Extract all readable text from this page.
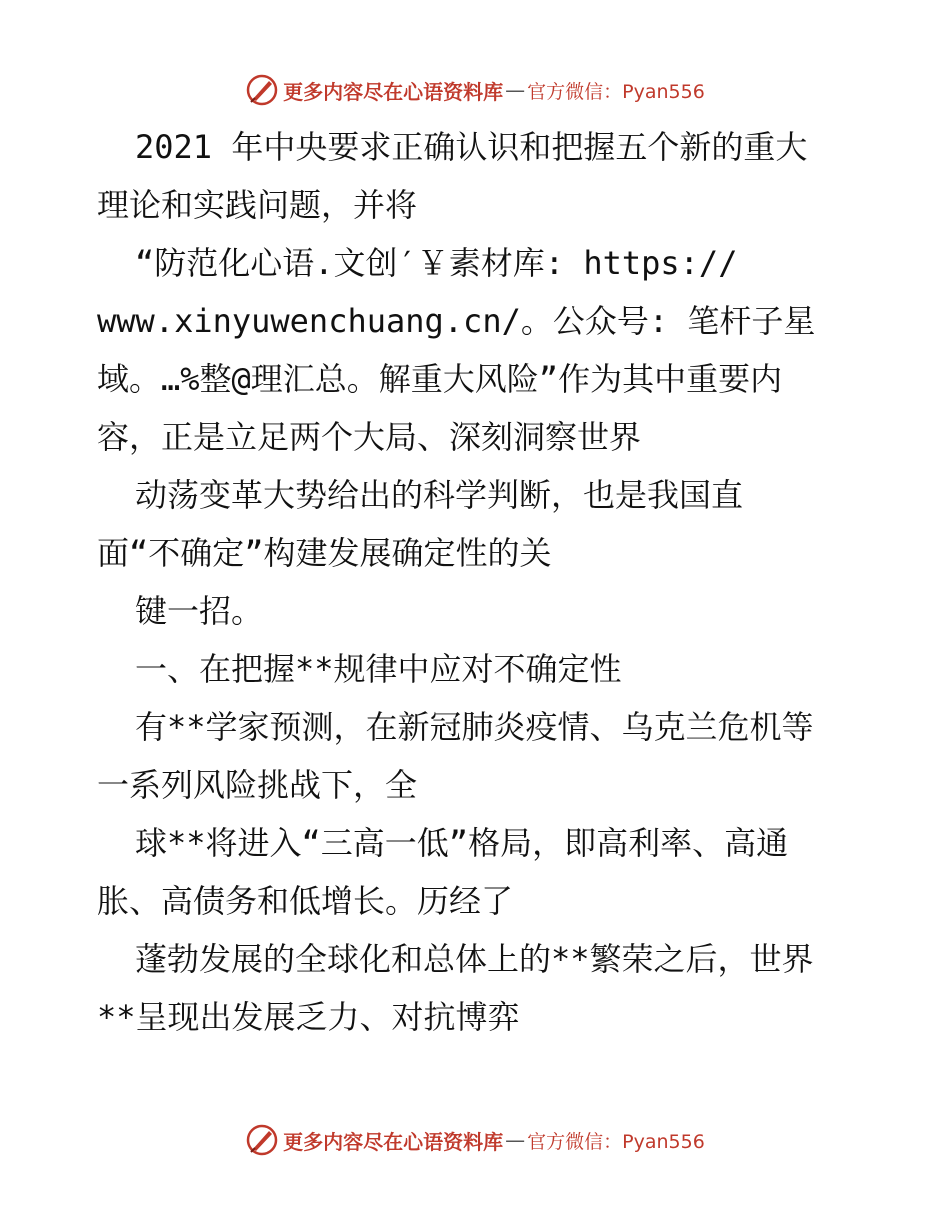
更多内容尽在心语资料库 — 官方微信：Pyan556
2021 年中央要求正确认识和把握五个新的重大
理论和实践问题，并将
“防范化心语.文创′￥素材库: https://
www.xinyuwenchuang.cn/。公众号: 笔杆子星
域。…%整@理汇总。解重大风险”作为其中重要内
容，正是立足两个大局、深刻洞察世界
动荡变革大势给出的科学判断，也是我国直
面“不确定”构建发展确定性的关
键一招。
一、在把握**规律中应对不确定性
有**学家预测，在新冠肺炎疫情、乌克兰危机等
一系列风险挑战下，全
球**将进入“三高一低”格局，即高利率、高通
胀、高债务和低增长。历经了
蓬勃发展的全球化和总体上的**繁荣之后，世界
**呈现出发展乏力、对抗博弈
更多内容尽在心语资料库 — 官方微信：Pyan556
